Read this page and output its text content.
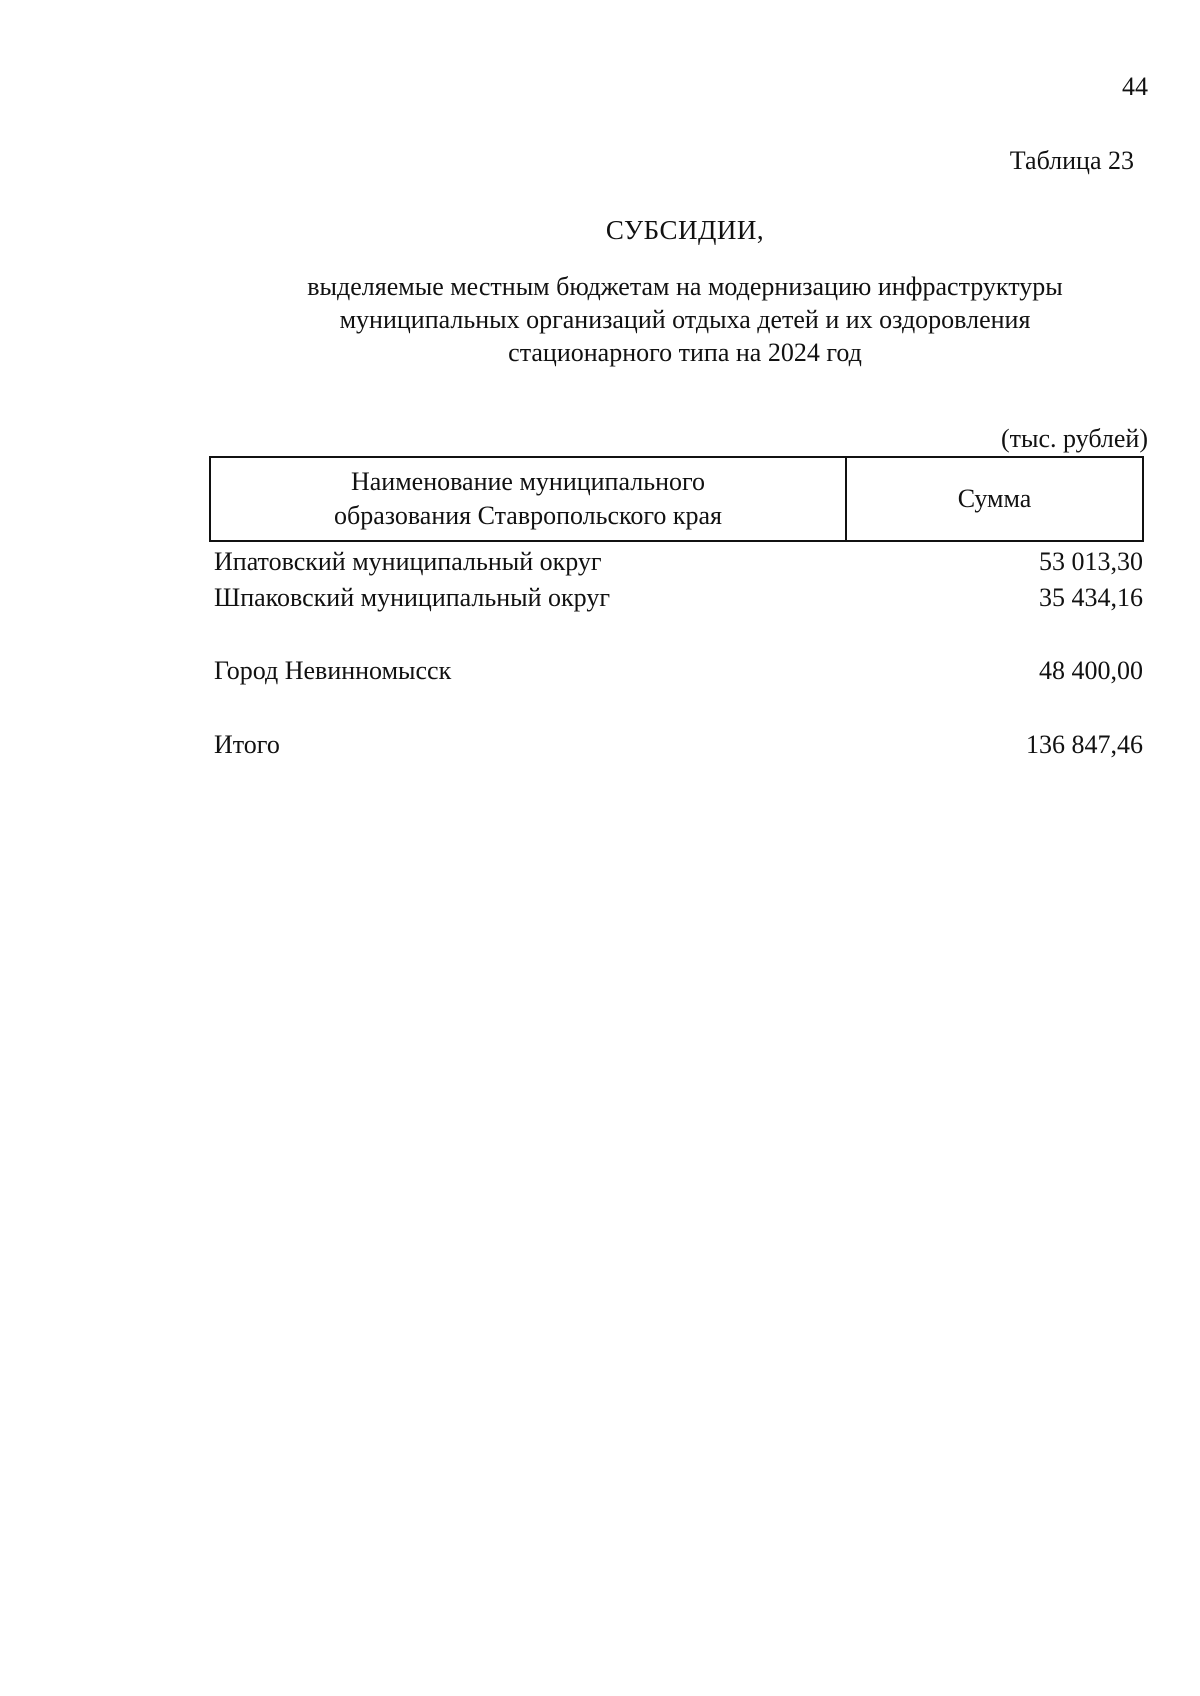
44
Таблица 23
СУБСИДИИ,
выделяемые местным бюджетам на модернизацию инфраструктуры
муниципальных организаций отдыха детей и их оздоровления
стационарного типа на 2024 год
(тыс. рублей)
Наименование муниципального
образования Ставропольского края
	Сумма
Ипатовский муниципальный округ	53 013,30
Шпаковский муниципальный округ	35 434,16
Город Невинномысск	48 400,00
Итого	136 847,46
